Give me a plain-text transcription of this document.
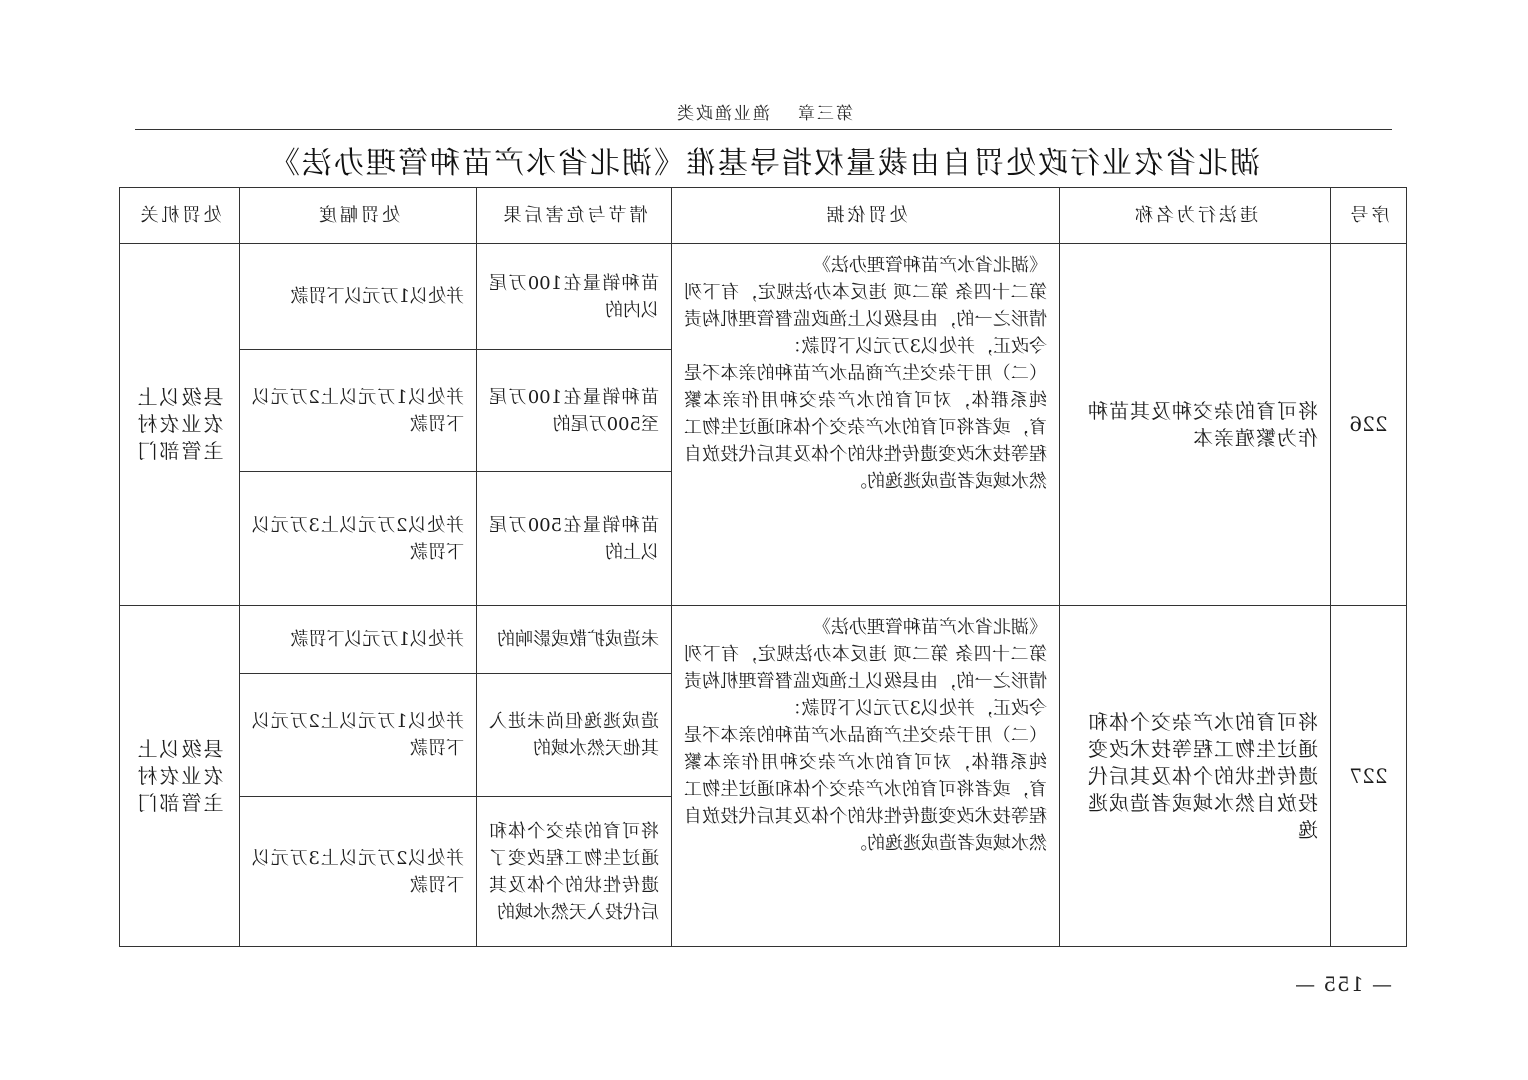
第三章渔业渔政类
湖北省农业行政处罚自由裁量权指导基准《湖北省水产苗种管理办法》
序号	违法行为名称	处罚依据	情节与危害后果	处罚幅度	处罚机关
226	将可育的杂交种及其苗种作为繁殖亲本	《湖北省水产苗种管理办法》
第二十四条 第二项 违反本办法规定，有下列情形之一的，由县级以上渔政监督管理机构责令改正，并处以3万元以下罚款：
（二）用于杂交生产商品水产苗种的亲本不是纯系群体，对可育的水产杂交种用作亲本繁育，或者将可育的水产杂交个体和通过生物工程等技术改变遗传性状的个体及其后代投放自然水域或者造成逃逸的。	苗种销量在100万尾以内的	并处以1万元以下罚款	县级以上农业农村主管部门
			苗种销量在100万尾至500万尾的	并处以1万元以上2万元以下罚款	
			苗种销量在500万尾以上的	并处以2万元以上3万元以下罚款	
227	将可育的水产杂交个体和通过生物工程等技术改变遗传性状的个体及其后代投放自然水域或者造成逃逸	《湖北省水产苗种管理办法》
第二十四条 第二项 违反本办法规定，有下列情形之一的，由县级以上渔政监督管理机构责令改正，并处以3万元以下罚款：
（二）用于杂交生产商品水产苗种的亲本不是纯系群体，对可育的水产杂交种用作亲本繁育，或者将可育的水产杂交个体和通过生物工程等技术改变遗传性状的个体及其后代投放自然水域或者造成逃逸的。	未造成扩散或影响的	并处以1万元以下罚款	县级以上农业农村主管部门
			造成逃逸但尚未进入其他天然水域的	并处以1万元以上2万元以下罚款	
			将可育的杂交个体和通过生物工程改变了遗传性状的个体及其后代投入天然水域的	并处以2万元以上3万元以下罚款	
— 155 —
